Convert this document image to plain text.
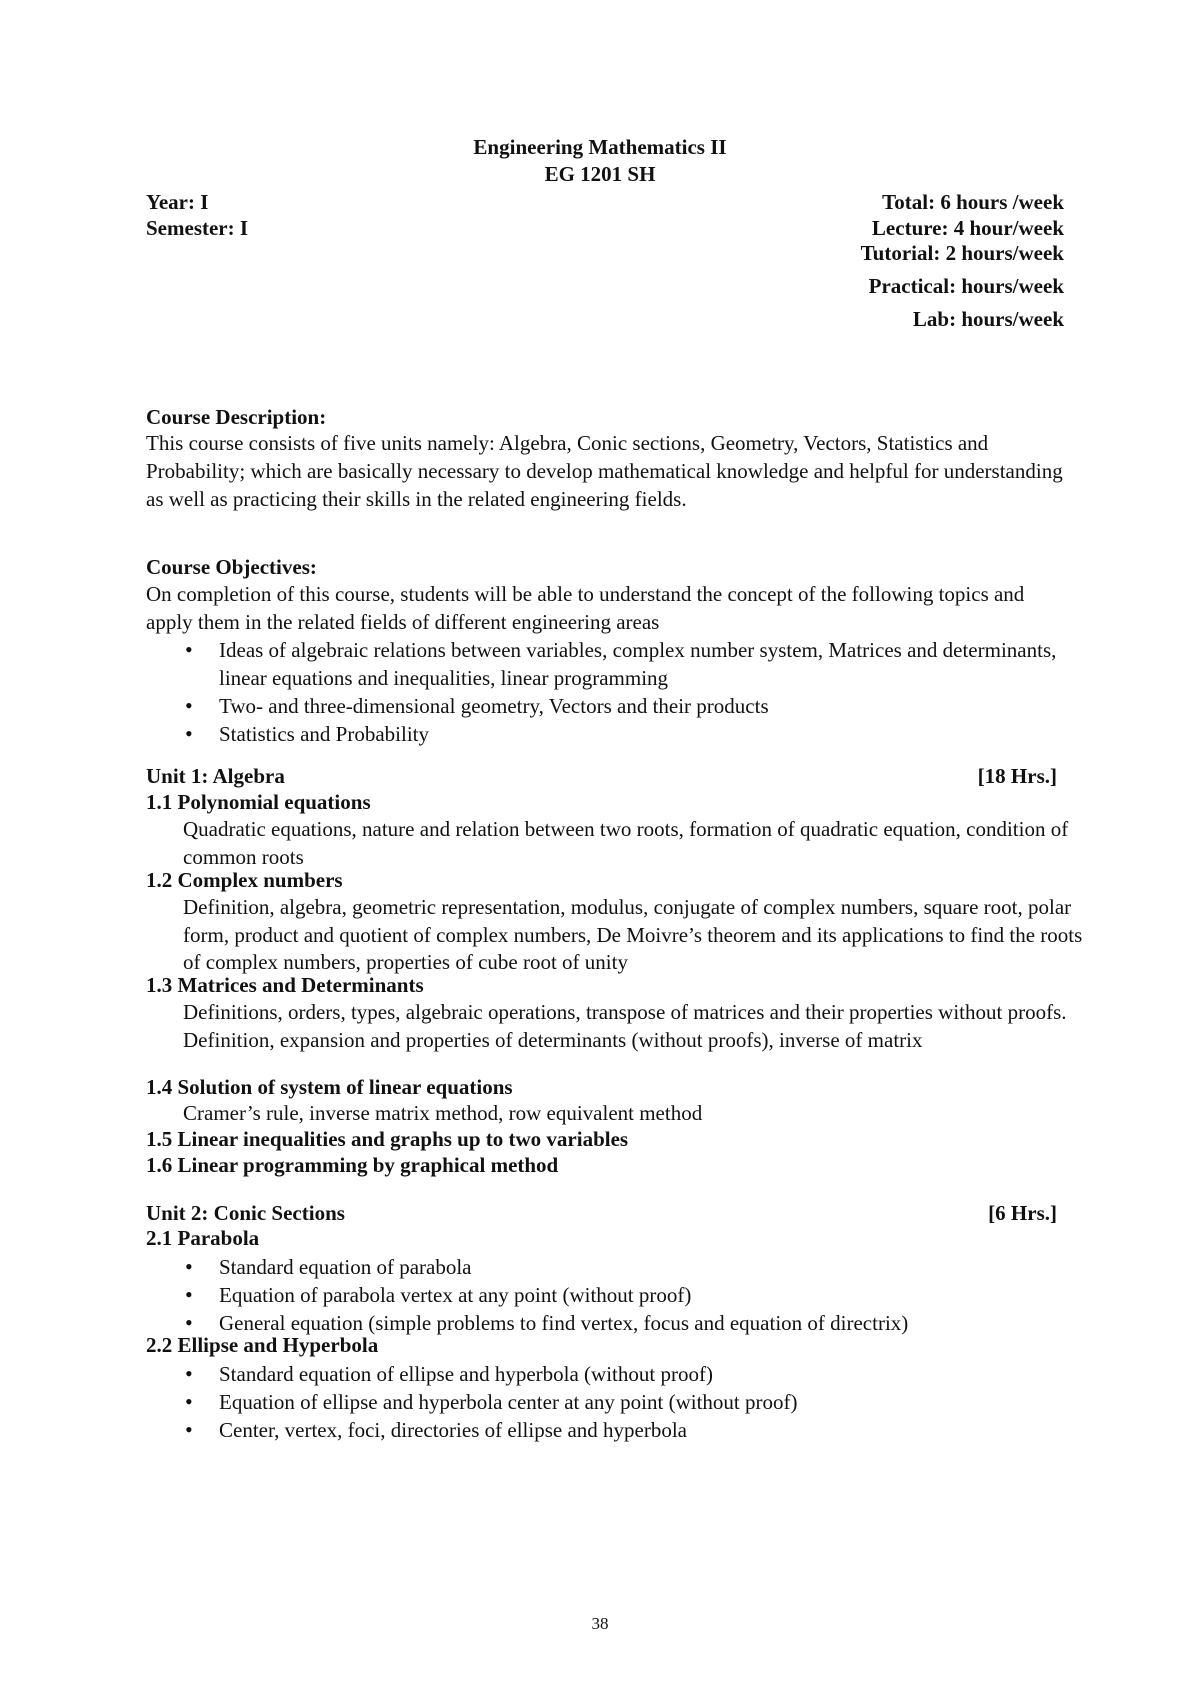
Engineering Mathematics II
EG 1201 SH
Year: I
Semester: I
Total: 6 hours /week
Lecture: 4 hour/week
Tutorial: 2 hours/week
Practical: hours/week
Lab: hours/week
Course Description:

This course consists of five units namely: Algebra, Conic sections, Geometry, Vectors, Statistics and Probability; which are basically necessary to develop mathematical knowledge and helpful for understanding as well as practicing their skills in the related engineering fields.

Course Objectives:

On completion of this course, students will be able to understand the concept of the following topics and apply them in the related fields of different engineering areas

• Ideas of algebraic relations between variables, complex number system, Matrices and determinants, linear equations and inequalities, linear programming
• Two- and three-dimensional geometry, Vectors and their products
• Statistics and Probability
Unit 1: Algebra	[18 Hrs.]
1.1 Polynomial equations

Quadratic equations, nature and relation between two roots, formation of quadratic equation, condition of common roots

1.2 Complex numbers

Definition, algebra, geometric representation, modulus, conjugate of complex numbers, square root, polar form, product and quotient of complex numbers, De Moivre’s theorem and its applications to find the roots of complex numbers, properties of cube root of unity

1.3 Matrices and Determinants

Definitions, orders, types, algebraic operations, transpose of matrices and their properties without proofs. Definition, expansion and properties of determinants (without proofs), inverse of matrix

1.4 Solution of system of linear equations

Cramer’s rule, inverse matrix method, row equivalent method

1.5 Linear inequalities and graphs up to two variables
1.6 Linear programming by graphical method
Unit 2: Conic Sections	[6 Hrs.]
2.1 Parabola
• Standard equation of parabola
• Equation of parabola vertex at any point (without proof)
• General equation (simple problems to find vertex, focus and equation of directrix)
2.2 Ellipse and Hyperbola
• Standard equation of ellipse and hyperbola (without proof)
• Equation of ellipse and hyperbola center at any point (without proof)
• Center, vertex, foci, directories of ellipse and hyperbola
38
